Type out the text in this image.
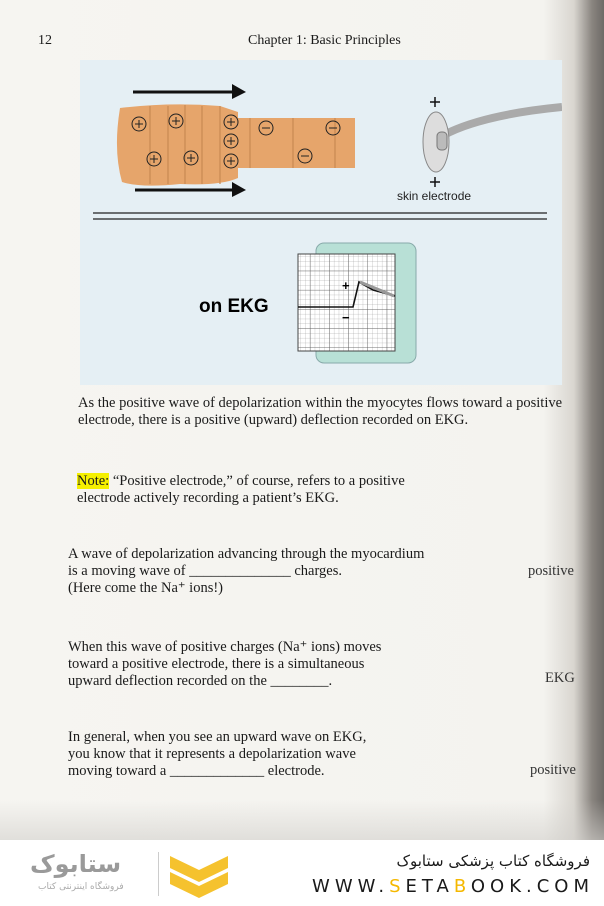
12	Chapter 1: Basic Principles
skin electrode
+
−
on EKG
As the positive wave of depolarization within the myocytes flows toward a positive
electrode, there is a positive (upward) deflection recorded on EKG.
Note: “Positive electrode,” of course, refers to a positive
electrode actively recording a patient’s EKG.
A wave of depolarization advancing through the myocardium
is a moving wave of ______________ charges.
(Here come the Na⁺ ions!)
positive
When this wave of positive charges (Na⁺ ions) moves
toward a positive electrode, there is a simultaneous
upward deflection recorded on the ________.	EKG
In general, when you see an upward wave on EKG,
you know that it represents a depolarization wave
moving toward a _____________ electrode.	positive
ستابوک
فروشگاه اینترنتی کتاب
فروشگاه کتاب پزشکی ستابوک
WWW.SETABOOK.COM
